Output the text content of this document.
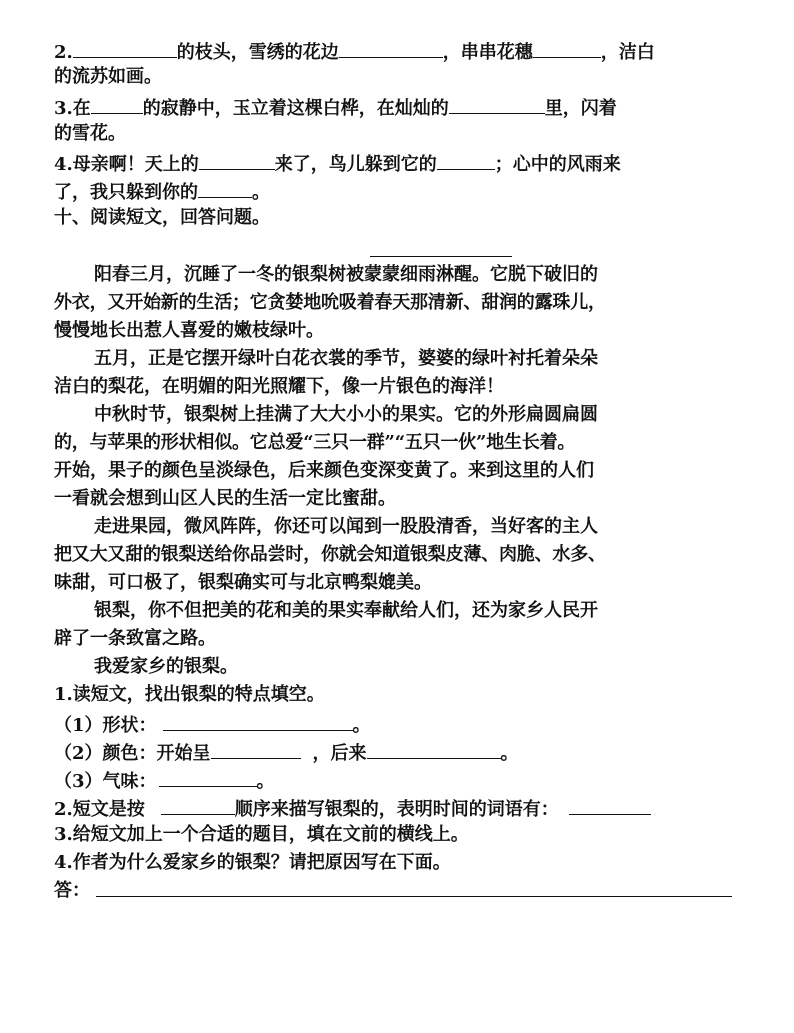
2.	的枝头，雪绣的花边	，串串花穗	，洁白
的流苏如画。
3.在	的寂静中，玉立着这棵白桦，在灿灿的	里，闪着
的雪花。
4.母亲啊！天上的	来了，鸟儿躲到它的	；心中的风雨来
了，我只躲到你的	。
十、阅读短文，回答问题。
阳春三月，沉睡了一冬的银梨树被蒙蒙细雨淋醒。它脱下破旧的
外衣，又开始新的生活；它贪婪地吮吸着春天那清新、甜润的露珠儿，
慢慢地长出惹人喜爱的嫩枝绿叶。
五月，正是它摆开绿叶白花衣裳的季节，婆婆的绿叶衬托着朵朵
洁白的梨花，在明媚的阳光照耀下，像一片银色的海洋！
中秋时节，银梨树上挂满了大大小小的果实。它的外形扁圆扁圆
的，与苹果的形状相似。它总爱“三只一群”“五只一伙”地生长着。
开始，果子的颜色呈淡绿色，后来颜色变深变黄了。来到这里的人们
一看就会想到山区人民的生活一定比蜜甜。
走进果园，微风阵阵，你还可以闻到一股股清香，当好客的主人
把又大又甜的银梨送给你品尝时，你就会知道银梨皮薄、肉脆、水多、
味甜，可口极了，银梨确实可与北京鸭梨媲美。
银梨，你不但把美的花和美的果实奉献给人们，还为家乡人民开
辟了一条致富之路。
我爱家乡的银梨。
1.读短文，找出银梨的特点填空。
（1）形状：	。
（2）颜色：开始呈	，后来	。
（3）气味：	。
2.短文是按	顺序来描写银梨的，表明时间的词语有：
3.给短文加上一个合适的题目，填在文前的横线上。
4.作者为什么爱家乡的银梨？请把原因写在下面。
答：
